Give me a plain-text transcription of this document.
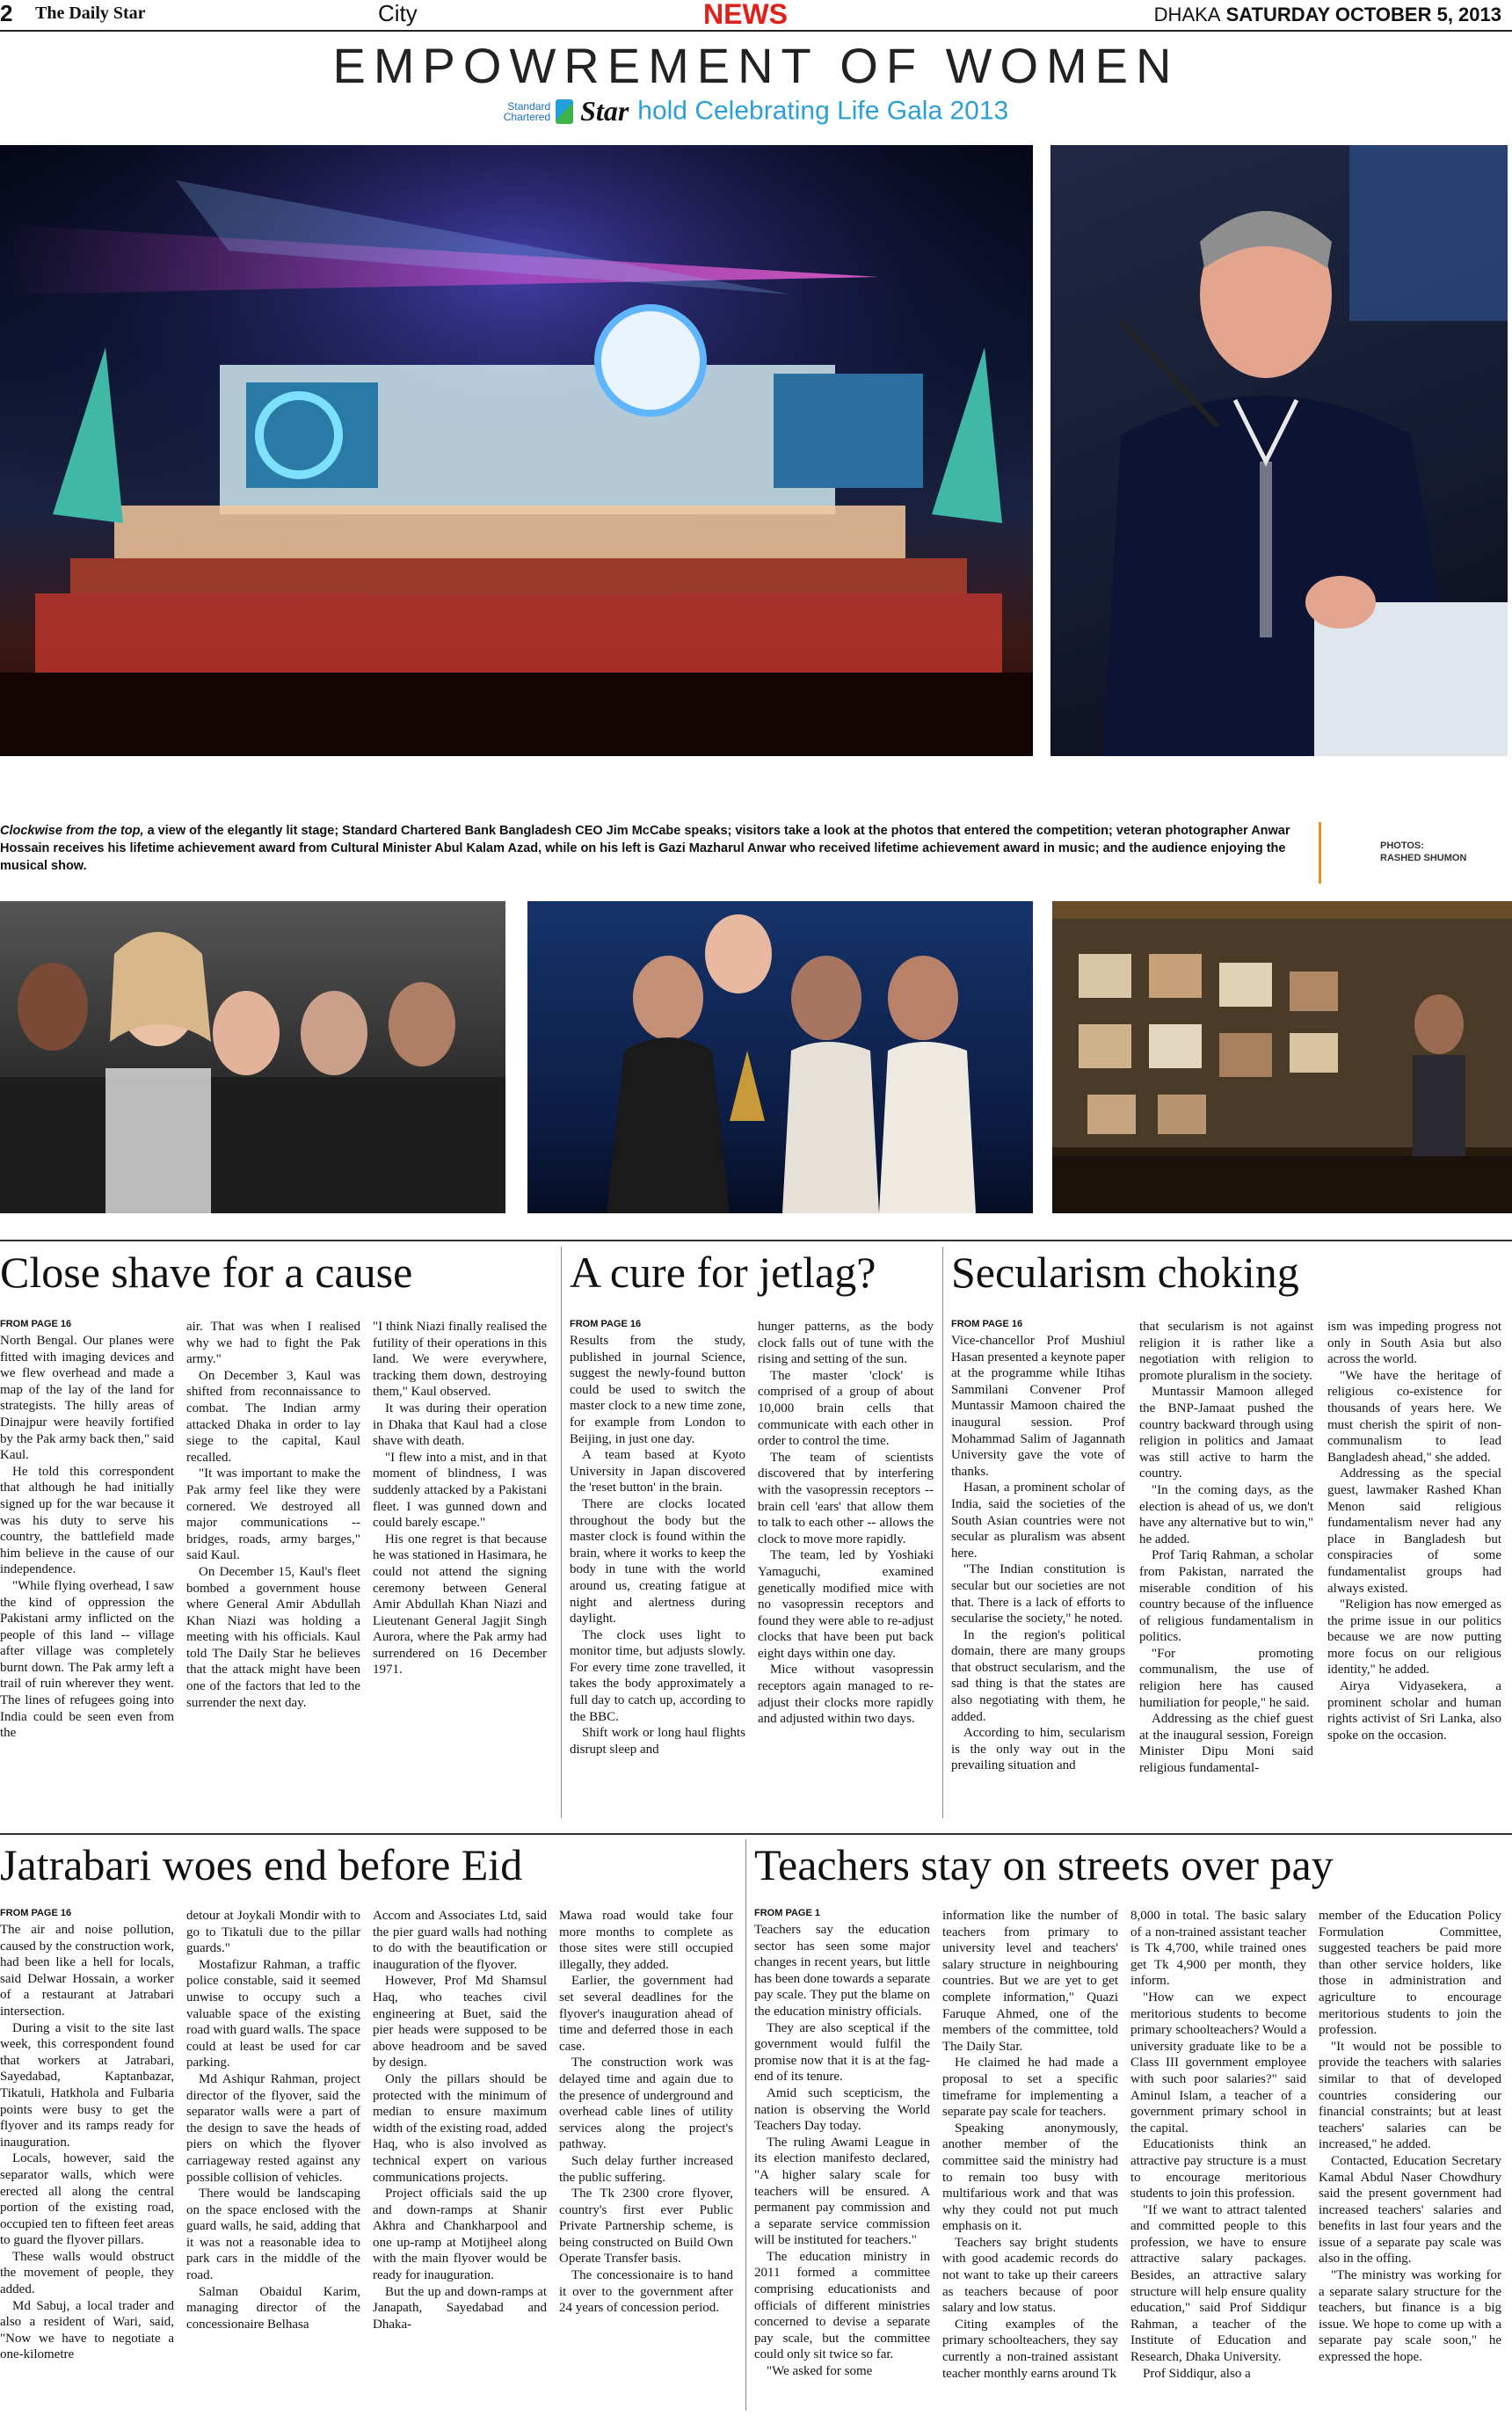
2 The Daily Star	City	NEWS	DHAKA SATURDAY OCTOBER 5, 2013
EMPOWREMENT OF WOMEN
Standard
Chartered Star hold Celebrating Life Gala 2013
Clockwise from the top, a view of the elegantly lit stage; Standard Chartered Bank Bangladesh CEO Jim McCabe speaks; visitors take a look at the photos that entered the competition; veteran photographer Anwar Hossain receives his lifetime achievement award from Cultural Minister Abul Kalam Azad, while on his left is Gazi Mazharul Anwar who received lifetime achievement award in music; and the audience enjoying the musical show.
PHOTOS:
RASHED SHUMON
Close shave for a cause
FROM PAGE 16

North Bengal. Our planes were fitted with imaging devices and we flew overhead and made a map of the lay of the land for strategists. The hilly areas of Dinajpur were heavily fortified by the Pak army back then," said Kaul.

He told this correspondent that although he had initially signed up for the war because it was his duty to serve his country, the battlefield made him believe in the cause of our independence.

"While flying overhead, I saw the kind of oppression the Pakistani army inflicted on the people of this land -- village after village was completely burnt down. The Pak army left a trail of ruin wherever they went. The lines of refugees going into India could be seen even from the

air. That was when I realised why we had to fight the Pak army."

On December 3, Kaul was shifted from reconnaissance to combat. The Indian army attacked Dhaka in order to lay siege to the capital, Kaul recalled.

"It was important to make the Pak army feel like they were cornered. We destroyed all major communications -- bridges, roads, army barges," said Kaul.

On December 15, Kaul's fleet bombed a government house where General Amir Abdullah Khan Niazi was holding a meeting with his officials. Kaul told The Daily Star he believes that the attack might have been one of the factors that led to the surrender the next day.

"I think Niazi finally realised the futility of their operations in this land. We were everywhere, tracking them down, destroying them," Kaul observed.

It was during their operation in Dhaka that Kaul had a close shave with death.

"I flew into a mist, and in that moment of blindness, I was suddenly attacked by a Pakistani fleet. I was gunned down and could barely escape."

His one regret is that because he was stationed in Hasimara, he could not attend the signing ceremony between General Amir Abdullah Khan Niazi and Lieutenant General Jagjit Singh Aurora, where the Pak army had surrendered on 16 December 1971.

A cure for jetlag?
FROM PAGE 16

Results from the study, published in journal Science, suggest the newly-found button could be used to switch the master clock to a new time zone, for example from London to Beijing, in just one day.

A team based at Kyoto University in Japan discovered the 'reset button' in the brain.

There are clocks located throughout the body but the master clock is found within the brain, where it works to keep the body in tune with the world around us, creating fatigue at night and alertness during daylight.

The clock uses light to monitor time, but adjusts slowly. For every time zone travelled, it takes the body approximately a full day to catch up, according to the BBC.

Shift work or long haul flights disrupt sleep and

hunger patterns, as the body clock falls out of tune with the rising and setting of the sun.

The master 'clock' is comprised of a group of about 10,000 brain cells that communicate with each other in order to control the time.

The team of scientists discovered that by interfering with the vasopressin receptors -- brain cell 'ears' that allow them to talk to each other -- allows the clock to move more rapidly.

The team, led by Yoshiaki Yamaguchi, examined genetically modified mice with no vasopressin receptors and found they were able to re-adjust clocks that have been put back eight days within one day.

Mice without vasopressin receptors again managed to re-adjust their clocks more rapidly and adjusted within two days.

Secularism choking
FROM PAGE 16

Vice-chancellor Prof Mushiul Hasan presented a keynote paper at the programme while Itihas Sammilani Convener Prof Muntassir Mamoon chaired the inaugural session. Prof Mohammad Salim of Jagannath University gave the vote of thanks.

Hasan, a prominent scholar of India, said the societies of the South Asian countries were not secular as pluralism was absent here.

"The Indian constitution is secular but our societies are not that. There is a lack of efforts to secularise the society," he noted.

In the region's political domain, there are many groups that obstruct secularism, and the sad thing is that the states are also negotiating with them, he added.

According to him, secularism is the only way out in the prevailing situation and

that secularism is not against religion it is rather like a negotiation with religion to promote pluralism in the society.

Muntassir Mamoon alleged the BNP-Jamaat pushed the country backward through using religion in politics and Jamaat was still active to harm the country.

"In the coming days, as the election is ahead of us, we don't have any alternative but to win," he added.

Prof Tariq Rahman, a scholar from Pakistan, narrated the miserable condition of his country because of the influence of religious fundamentalism in politics.

"For promoting communalism, the use of religion here has caused humiliation for people," he said.

Addressing as the chief guest at the inaugural session, Foreign Minister Dipu Moni said religious fundamental-

ism was impeding progress not only in South Asia but also across the world.

"We have the heritage of religious co-existence for thousands of years here. We must cherish the spirit of non-communalism to lead Bangladesh ahead," she added.

Addressing as the special guest, lawmaker Rashed Khan Menon said religious fundamentalism never had any place in Bangladesh but conspiracies of some fundamentalist groups had always existed.

"Religion has now emerged as the prime issue in our politics because we are now putting more focus on our religious identity," he added.

Airya Vidyasekera, a prominent scholar and human rights activist of Sri Lanka, also spoke on the occasion.

Jatrabari woes end before Eid
FROM PAGE 16

The air and noise pollution, caused by the construction work, had been like a hell for locals, said Delwar Hossain, a worker of a restaurant at Jatrabari intersection.

During a visit to the site last week, this correspondent found that workers at Jatrabari, Sayedabad, Kaptanbazar, Tikatuli, Hatkhola and Fulbaria points were busy to get the flyover and its ramps ready for inauguration.

Locals, however, said the separator walls, which were erected all along the central portion of the existing road, occupied ten to fifteen feet areas to guard the flyover pillars.

These walls would obstruct the movement of people, they added.

Md Sabuj, a local trader and also a resident of Wari, said, "Now we have to negotiate a one-kilometre

detour at Joykali Mondir with to go to Tikatuli due to the pillar guards."

Mostafizur Rahman, a traffic police constable, said it seemed unwise to occupy such a valuable space of the existing road with guard walls. The space could at least be used for car parking.

Md Ashiqur Rahman, project director of the flyover, said the separator walls were a part of the design to save the heads of piers on which the flyover carriageway rested against any possible collision of vehicles.

There would be landscaping on the space enclosed with the guard walls, he said, adding that it was not a reasonable idea to park cars in the middle of the road.

Salman Obaidul Karim, managing director of the concessionaire Belhasa

Accom and Associates Ltd, said the pier guard walls had nothing to do with the beautification or inauguration of the flyover.

However, Prof Md Shamsul Haq, who teaches civil engineering at Buet, said the pier heads were supposed to be above headroom and be saved by design.

Only the pillars should be protected with the minimum of median to ensure maximum width of the existing road, added Haq, who is also involved as technical expert on various communications projects.

Project officials said the up and down-ramps at Shanir Akhra and Chankharpool and one up-ramp at Motijheel along with the main flyover would be ready for inauguration.

But the up and down-ramps at Janapath, Sayedabad and Dhaka-

Mawa road would take four more months to complete as those sites were still occupied illegally, they added.

Earlier, the government had set several deadlines for the flyover's inauguration ahead of time and deferred those in each case.

The construction work was delayed time and again due to the presence of underground and overhead cable lines of utility services along the project's pathway.

Such delay further increased the public suffering.

The Tk 2300 crore flyover, country's first ever Public Private Partnership scheme, is being constructed on Build Own Operate Transfer basis.

The concessionaire is to hand it over to the government after 24 years of concession period.

Teachers stay on streets over pay
FROM PAGE 1

Teachers say the education sector has seen some major changes in recent years, but little has been done towards a separate pay scale. They put the blame on the education ministry officials.

They are also sceptical if the government would fulfil the promise now that it is at the fag-end of its tenure.

Amid such scepticism, the nation is observing the World Teachers Day today.

The ruling Awami League in its election manifesto declared, "A higher salary scale for teachers will be ensured. A permanent pay commission and a separate service commission will be instituted for teachers."

The education ministry in 2011 formed a committee comprising educationists and officials of different ministries concerned to devise a separate pay scale, but the committee could only sit twice so far.

"We asked for some

information like the number of teachers from primary to university level and teachers' salary structure in neighbouring countries. But we are yet to get complete information," Quazi Faruque Ahmed, one of the members of the committee, told The Daily Star.

He claimed he had made a proposal to set a specific timeframe for implementing a separate pay scale for teachers.

Speaking anonymously, another member of the committee said the ministry had to remain too busy with multifarious work and that was why they could not put much emphasis on it.

Teachers say bright students with good academic records do not want to take up their careers as teachers because of poor salary and low status.

Citing examples of the primary schoolteachers, they say currently a non-trained assistant teacher monthly earns around Tk

8,000 in total. The basic salary of a non-trained assistant teacher is Tk 4,700, while trained ones get Tk 4,900 per month, they inform.

"How can we expect meritorious students to become primary schoolteachers? Would a university graduate like to be a Class III government employee with such poor salaries?" said Aminul Islam, a teacher of a government primary school in the capital.

Educationists think an attractive pay structure is a must to encourage meritorious students to join this profession.

"If we want to attract talented and committed people to this profession, we have to ensure attractive salary packages. Besides, an attractive salary structure will help ensure quality education," said Prof Siddiqur Rahman, a teacher of the Institute of Education and Research, Dhaka University.

Prof Siddiqur, also a

member of the Education Policy Formulation Committee, suggested teachers be paid more than other service holders, like those in administration and agriculture to encourage meritorious students to join the profession.

"It would not be possible to provide the teachers with salaries similar to that of developed countries considering our financial constraints; but at least teachers' salaries can be increased," he added.

Contacted, Education Secretary Kamal Abdul Naser Chowdhury said the present government had increased teachers' salaries and benefits in last four years and the issue of a separate pay scale was also in the offing.

"The ministry was working for a separate salary structure for the teachers, but finance is a big issue. We hope to come up with a separate pay scale soon," he expressed the hope.
